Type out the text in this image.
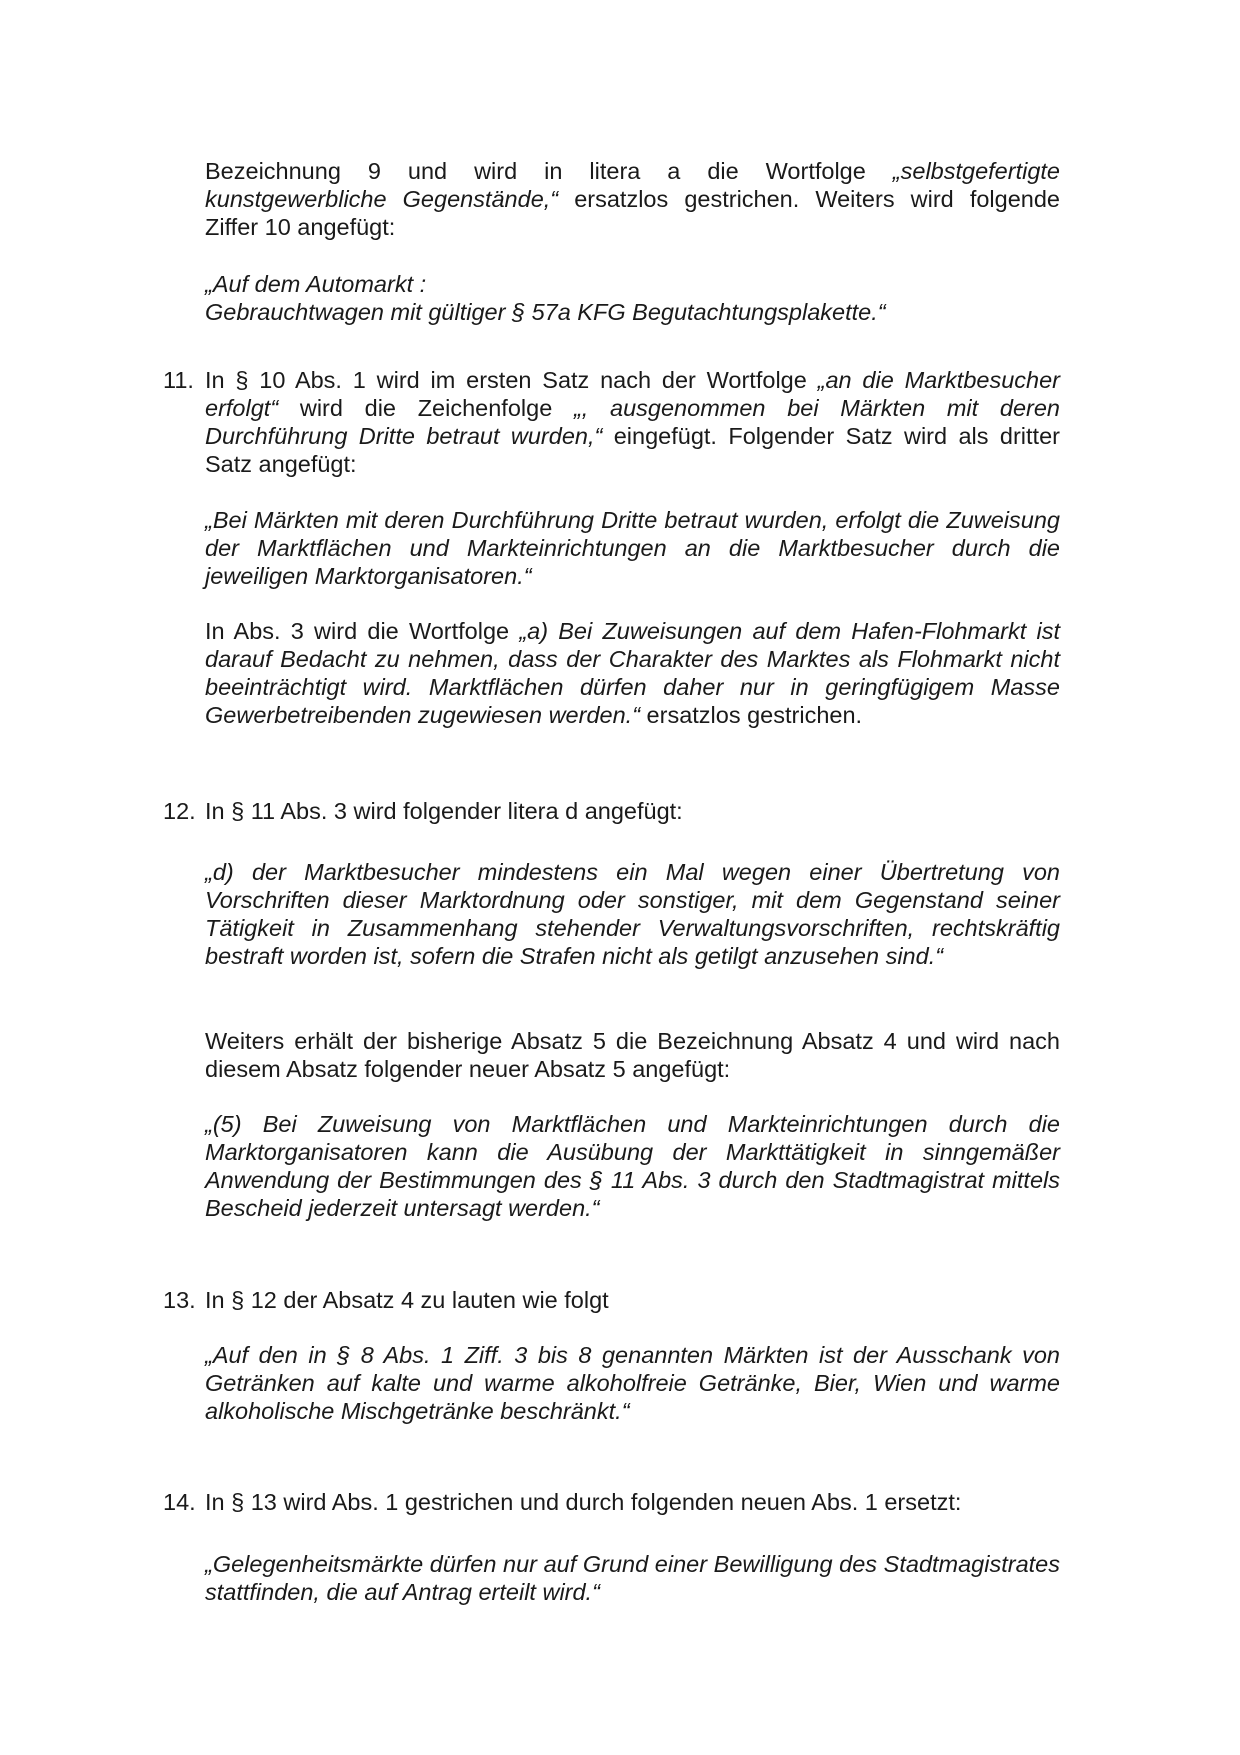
Bezeichnung 9 und wird in litera a die Wortfolge „selbstgefertigte kunstgewerbliche Gegenstände,“ ersatzlos gestrichen. Weiters wird folgende Ziffer 10 angefügt:

„Auf dem Automarkt :
Gebrauchtwagen mit gültiger § 57a KFG Begutachtungsplakette.“
11. In § 10 Abs. 1 wird im ersten Satz nach der Wortfolge „an die Marktbesucher erfolgt“ wird die Zeichenfolge „, ausgenommen bei Märkten mit deren Durchführung Dritte betraut wurden,“ eingefügt. Folgender Satz wird als dritter Satz angefügt:

„Bei Märkten mit deren Durchführung Dritte betraut wurden, erfolgt die Zuweisung der Marktflächen und Markteinrichtungen an die Marktbesucher durch die jeweiligen Marktorganisatoren.“

In Abs. 3 wird die Wortfolge „a) Bei Zuweisungen auf dem Hafen-Flohmarkt ist darauf Bedacht zu nehmen, dass der Charakter des Marktes als Flohmarkt nicht beeinträchtigt wird. Marktflächen dürfen daher nur in geringfügigem Masse Gewerbetreibenden zugewiesen werden.“ ersatzlos gestrichen.

12. In § 11 Abs. 3 wird folgender litera d angefügt:

„d) der Marktbesucher mindestens ein Mal wegen einer Übertretung von Vorschriften dieser Marktordnung oder sonstiger, mit dem Gegenstand seiner Tätigkeit in Zusammenhang stehender Verwaltungsvorschriften, rechtskräftig bestraft worden ist, sofern die Strafen nicht als getilgt anzusehen sind.“

Weiters erhält der bisherige Absatz 5 die Bezeichnung Absatz 4 und wird nach diesem Absatz folgender neuer Absatz 5 angefügt:

„(5) Bei Zuweisung von Marktflächen und Markteinrichtungen durch die Marktorganisatoren kann die Ausübung der Markttätigkeit in sinngemäßer Anwendung der Bestimmungen des § 11 Abs. 3 durch den Stadtmagistrat mittels Bescheid jederzeit untersagt werden.“

13. In § 12 der Absatz 4 zu lauten wie folgt

„Auf den in § 8 Abs. 1 Ziff. 3 bis 8 genannten Märkten ist der Ausschank von Getränken auf kalte und warme alkoholfreie Getränke, Bier, Wien und warme alkoholische Mischgetränke beschränkt.“

14. In § 13 wird Abs. 1 gestrichen und durch folgenden neuen Abs. 1 ersetzt:

„Gelegenheitsmärkte dürfen nur auf Grund einer Bewilligung des Stadtmagistrates stattfinden, die auf Antrag erteilt wird.“
